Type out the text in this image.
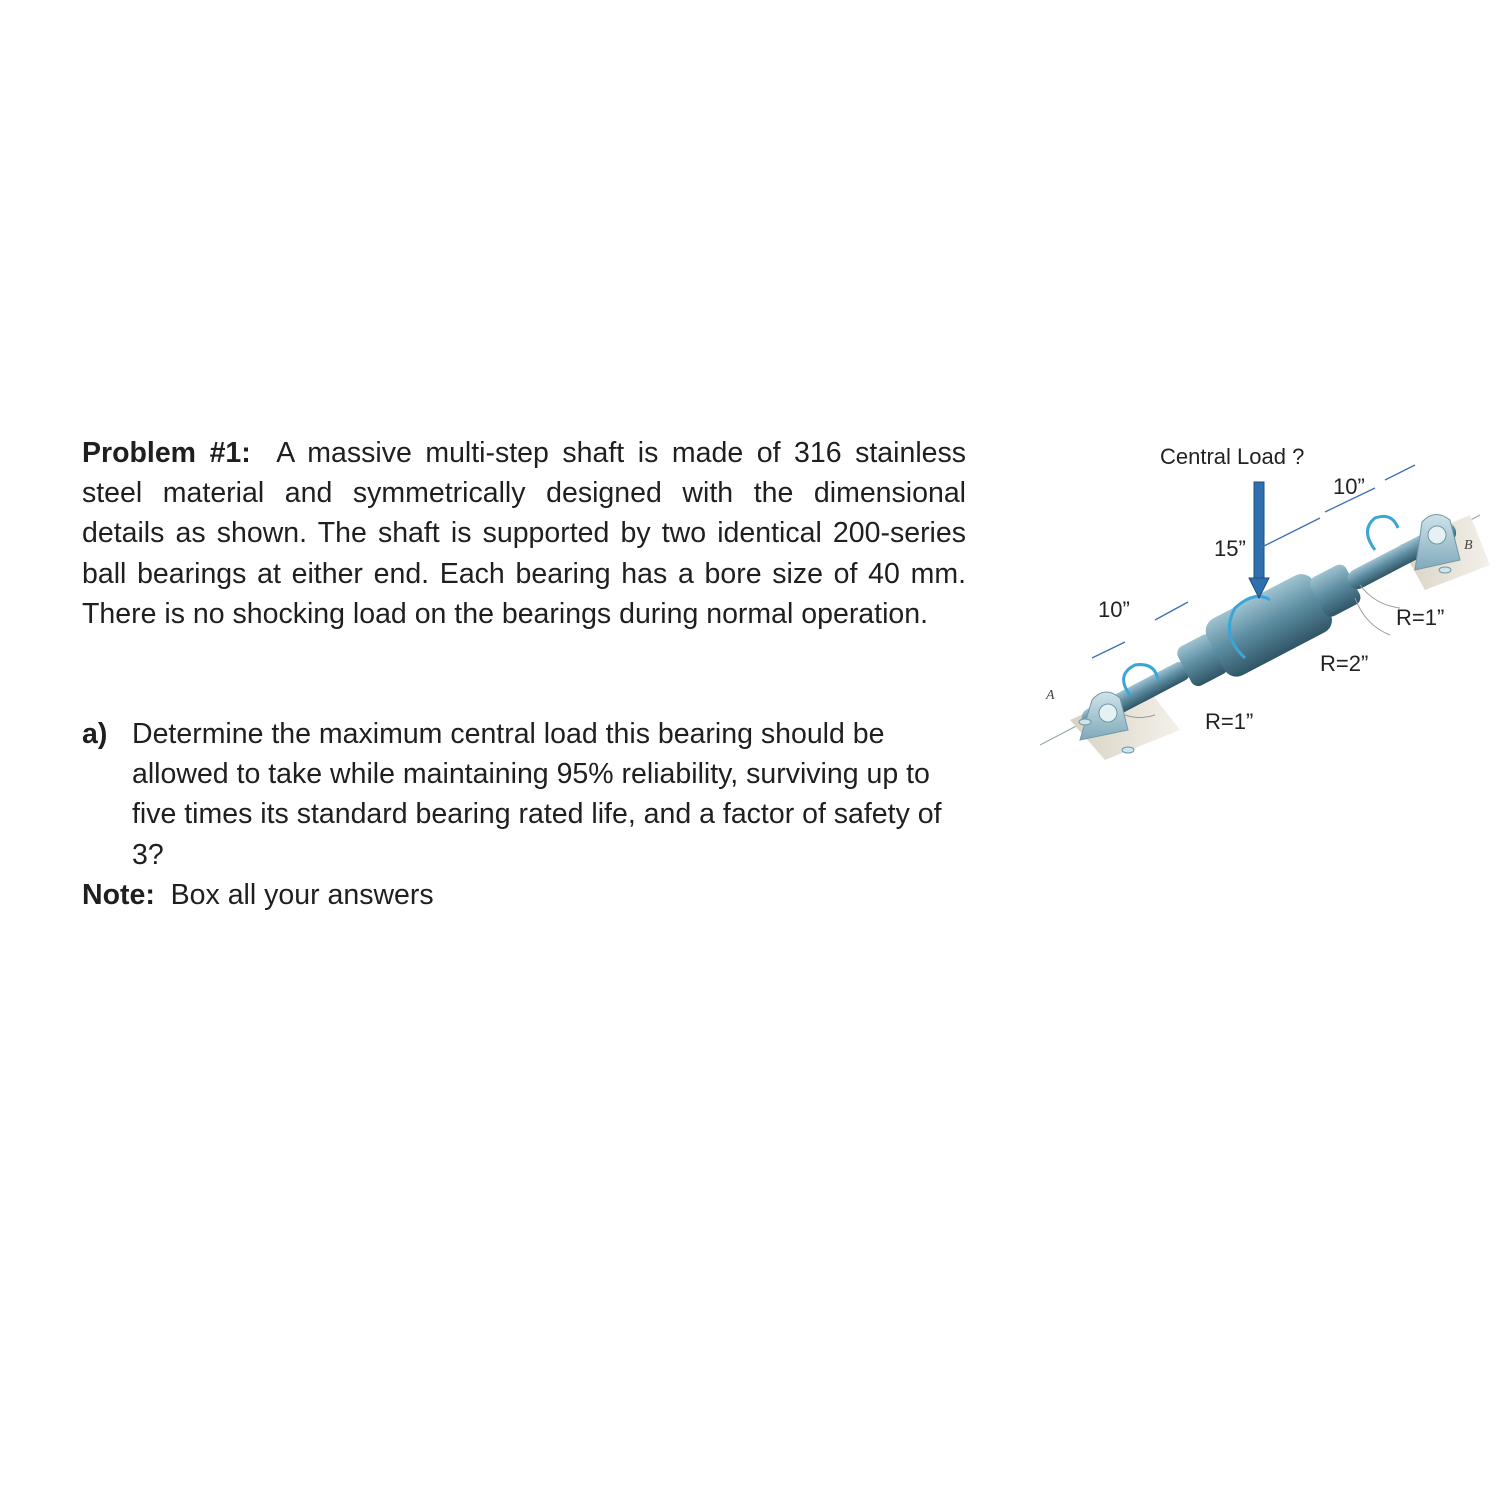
Problem #1: A massive multi-step shaft is made of 316 stainless steel material and symmetrically designed with the dimensional details as shown. The shaft is supported by two identical 200-series ball bearings at either end. Each bearing has a bore size of 40 mm. There is no shocking load on the bearings during normal operation.
a) Determine the maximum central load this bearing should be allowed to take while maintaining 95% reliability, surviving up to five times its standard bearing rated life, and a factor of safety of 3?
Note: Box all your answers
Central Load ?
10”
15”
10”	R=1”
R=2”
R=1”
A
B
